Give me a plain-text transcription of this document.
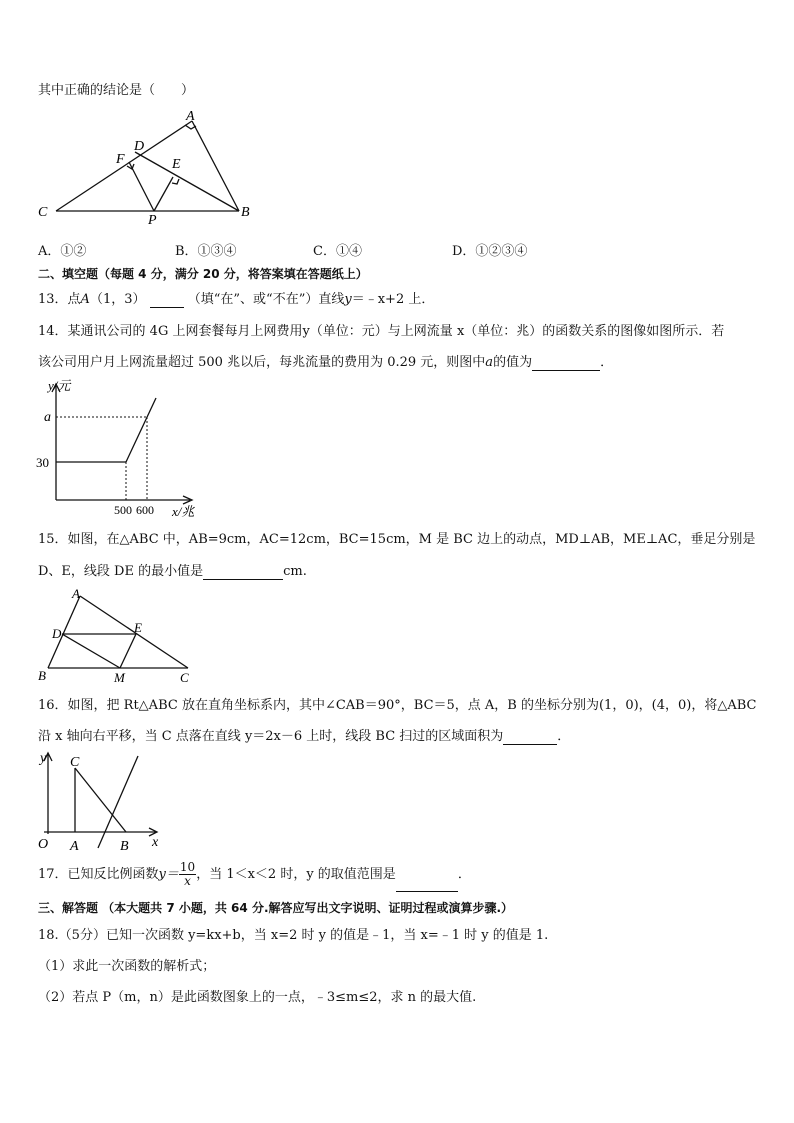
其中正确的结论是（　　）
A
D
F	E
C
P
B
A．①②	B．①③④	C．①④	D．①②③④
二、填空题（每题 4 分，满分 20 分，将答案填在答题纸上）
13．点A（1，3）	（填“在”、或“不在”）直线y＝﹣x+2 上．
14．某通讯公司的 4G 上网套餐每月上网费用y（单位：元）与上网流量 x（单位：兆）的函数关系的图像如图所示．若
该公司用户月上网流量超过 500 兆以后，每兆流量的费用为 0.29 元，则图中a的值为	．
y/元
a
30
500 600 x/兆
15．如图，在△ABC 中，AB=9cm，AC=12cm，BC=15cm，M 是 BC 边上的动点，MD⊥AB，ME⊥AC，垂足分别是
D、E，线段 DE 的最小值是	cm.
A
D	E
B	M	C
16．如图，把 Rt△ABC 放在直角坐标系内，其中∠CAB＝90°，BC＝5，点 A，B 的坐标分别为(1，0)，(4，0)，将△ABC
沿 x 轴向右平移，当 C 点落在直线 y＝2x－6 上时，线段 BC 扫过的区域面积为	．
y
x
O A	B
C
17．已知反比例函数$y= \frac{10}{x}$ ，当 1＜x＜2 时，y 的取值范围是	．
三、解答题 （本大题共 7 小题，共 64 分.解答应写出文字说明、证明过程或演算步骤.）
18.（5分）已知一次函数 y=kx+b，当 x=2 时 y 的值是﹣1，当 x=﹣1 时 y 的值是 1.
（1）求此一次函数的解析式；
（2）若点 P（m，n）是此函数图象上的一点，﹣3≤m≤2，求 n 的最大值.
